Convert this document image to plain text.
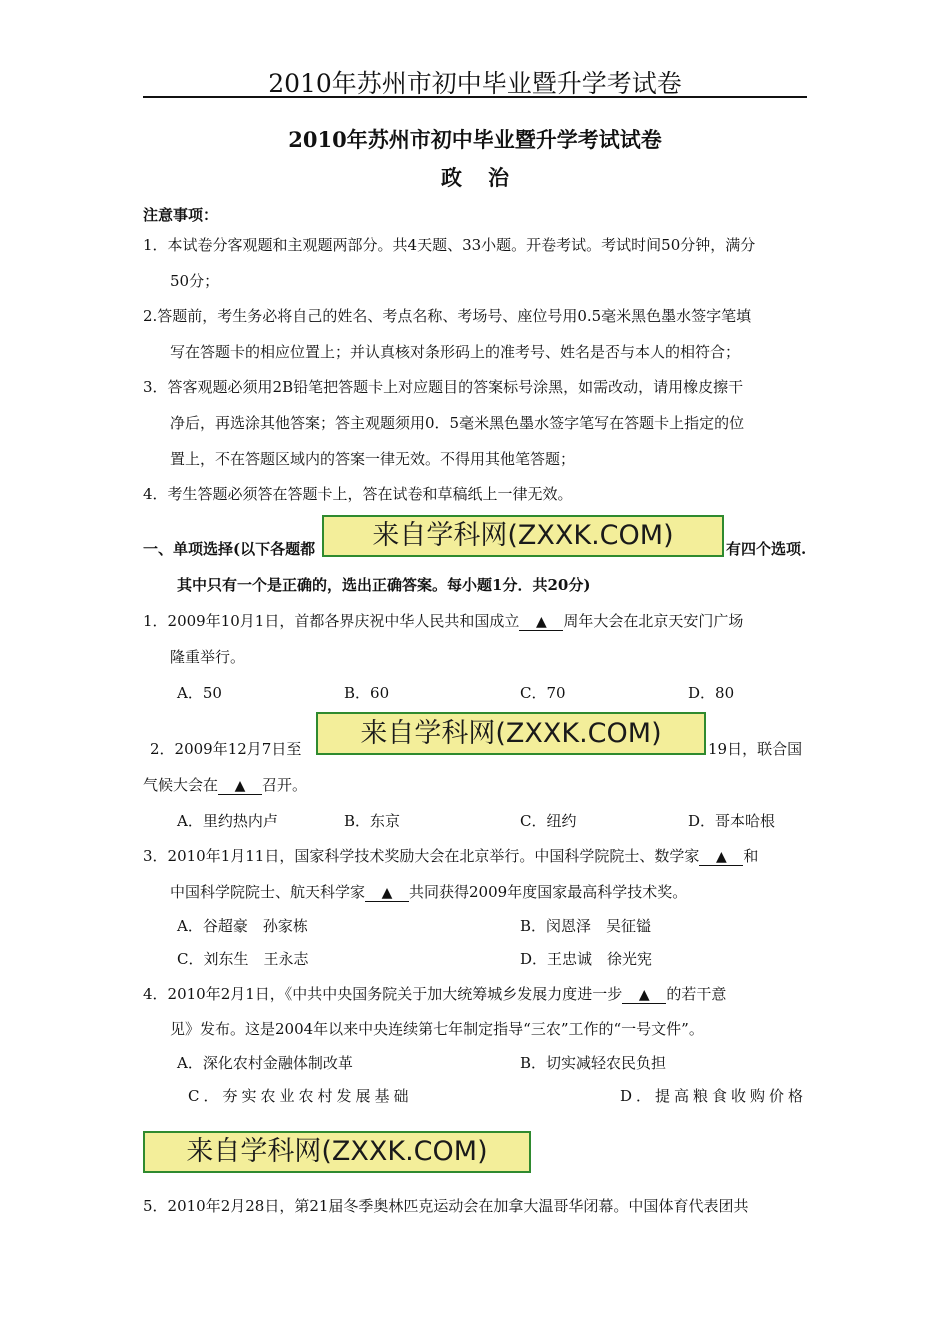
2010年苏州市初中毕业暨升学考试卷
2010年苏州市初中毕业暨升学考试试卷
政治
注意事项：
1．本试卷分客观题和主观题两部分。共4天题、33小题。开卷考试。考试时间50分钟，满分
50分；
2.答题前，考生务必将自己的姓名、考点名称、考场号、座位号用0.5毫米黑色墨水签字笔填
写在答题卡的相应位置上；并认真核对条形码上的准考号、姓名是否与本人的相符合；
3．答客观题必须用2B铅笔把答题卡上对应题目的答案标号涂黑，如需改动，请用橡皮擦干
净后，再选涂其他答案；答主观题须用0．5毫米黑色墨水签字笔写在答题卡上指定的位
置上，不在答题区域内的答案一律无效。不得用其他笔答题；
4．考生答题必须答在答题卡上，答在试卷和草稿纸上一律无效。
一、单项选择(以下各题都	有四个选项.
其中只有一个是正确的，选出正确答案。每小题1分．共20分)
来自学科网(ZXXK.COM)
1．2009年10月1日，首都各界庆祝中华人民共和国成立 ▲ 周年大会在北京天安门广场
隆重举行。
A．50	B．60	C．70	D．80
2．2009年12月7日至	19日，联合国
来自学科网(ZXXK.COM)
气候大会在 ▲ 召开。
A．里约热内卢	B．东京	C．纽约	D．哥本哈根
3．2010年1月11日，国家科学技术奖励大会在北京举行。中国科学院院士、数学家 ▲ 和
中国科学院院士、航天科学家 ▲ 共同获得2009年度国家最高科学技术奖。
A．谷超豪　孙家栋	B．闵恩泽　吴征镒
C．刘东生　王永志	D．王忠诚　徐光宪
4．2010年2月1日，《中共中央国务院关于加大统筹城乡发展力度进一步 ▲ 的若干意
见》发布。这是2004年以来中央连续第七年制定指导“三农”工作的“一号文件”。
A．深化农村金融体制改革	B．切实减轻农民负担
C．夯实农业农村发展基础	D．提高粮食收购价格
来自学科网(ZXXK.COM)
5．2010年2月28日，第21届冬季奥林匹克运动会在加拿大温哥华闭幕。中国体育代表团共
